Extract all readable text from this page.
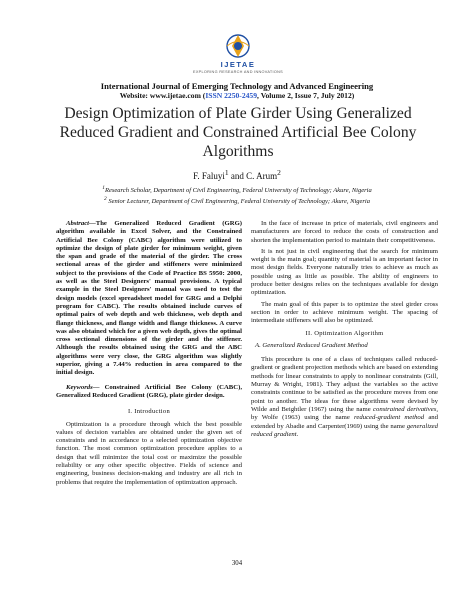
IJETAE
EXPLORING RESEARCH AND INNOVATIONS
International Journal of Emerging Technology and Advanced Engineering
Website: www.ijetae.com (ISSN 2250-2459, Volume 2, Issue 7, July 2012)
Design Optimization of Plate Girder Using Generalized Reduced Gradient and Constrained Artificial Bee Colony Algorithms
F. Faluyi$^1$ and C. Arum$^2$
$^1$Research Scholar, Department of Civil Engineering, Federal University of Technology; Akure, Nigeria
$^2$ Senior Lecturer, Department of Civil Engineering, Federal University of Technology; Akure, Nigeria

Abstract—The Generalized Reduced Gradient (GRG) algorithm available in Excel Solver, and the Constrained Artificial Bee Colony (CABC) algorithm were utilized to optimize the design of plate girder for minimum weight, given the span and grade of the material of the girder. The cross sectional areas of the girder and stiffeners were minimized subject to the provisions of the Code of Practice BS 5950: 2000, as well as the Steel Designers' manual provisions. A typical example in the Steel Designers' manual was used to test the design models (excel spreadsheet model for GRG and a Delphi program for CABC). The results obtained include curves of optimal pairs of web depth and web thickness, web depth and flange thickness, and flange width and flange thickness. A curve was also obtained which for a given web depth, gives the optimal cross sectional dimensions of the girder and the stiffener. Although the results obtained using the GRG and the ABC algorithms were very close, the GRG algorithm was slightly superior, giving a 7.44% reduction in area compared to the initial design.

Keywords— Constrained Artificial Bee Colony (CABC), Generalized Reduced Gradient (GRG), plate girder design.

I. Introduction

Optimization is a procedure through which the best possible values of decision variables are obtained under the given set of constraints and in accordance to a selected optimization objective function. The most common optimization procedure applies to a design that will minimize the total cost or maximize the possible reliability or any other specific objective. Fields of science and engineering, business decision-making and industry are all rich in problems that require the implementation of optimization approach.

In the face of increase in price of materials, civil engineers and manufacturers are forced to reduce the costs of construction and shorten the implementation period to maintain their competitiveness.

It is not just in civil engineering that the search for minimum weight is the main goal; quantity of material is an important factor in most design fields. Everyone naturally tries to achieve as much as possible using as little as possible. The ability of engineers to produce better designs relies on the techniques available for design optimization.

The main goal of this paper is to optimize the steel girder cross section in order to achieve minimum weight. The spacing of intermediate stiffeners will also be optimized.

II. Optimization Algorithm
A. Generalized Reduced Gradient Method

This procedure is one of a class of techniques called reduced-gradient or gradient projection methods which are based on extending methods for linear constraints to apply to nonlinear constraints (Gill, Murray & Wright, 1981). They adjust the variables so the active constraints continue to be satisfied as the procedure moves from one point to another. The ideas for these algorithms were devised by Wilde and Beightler (1967) using the name constrained derivatives, by Wolfe (1963) using the name reduced-gradient method and extended by Abadie and Carpenter(1969) using the name generalized reduced gradient.

304
